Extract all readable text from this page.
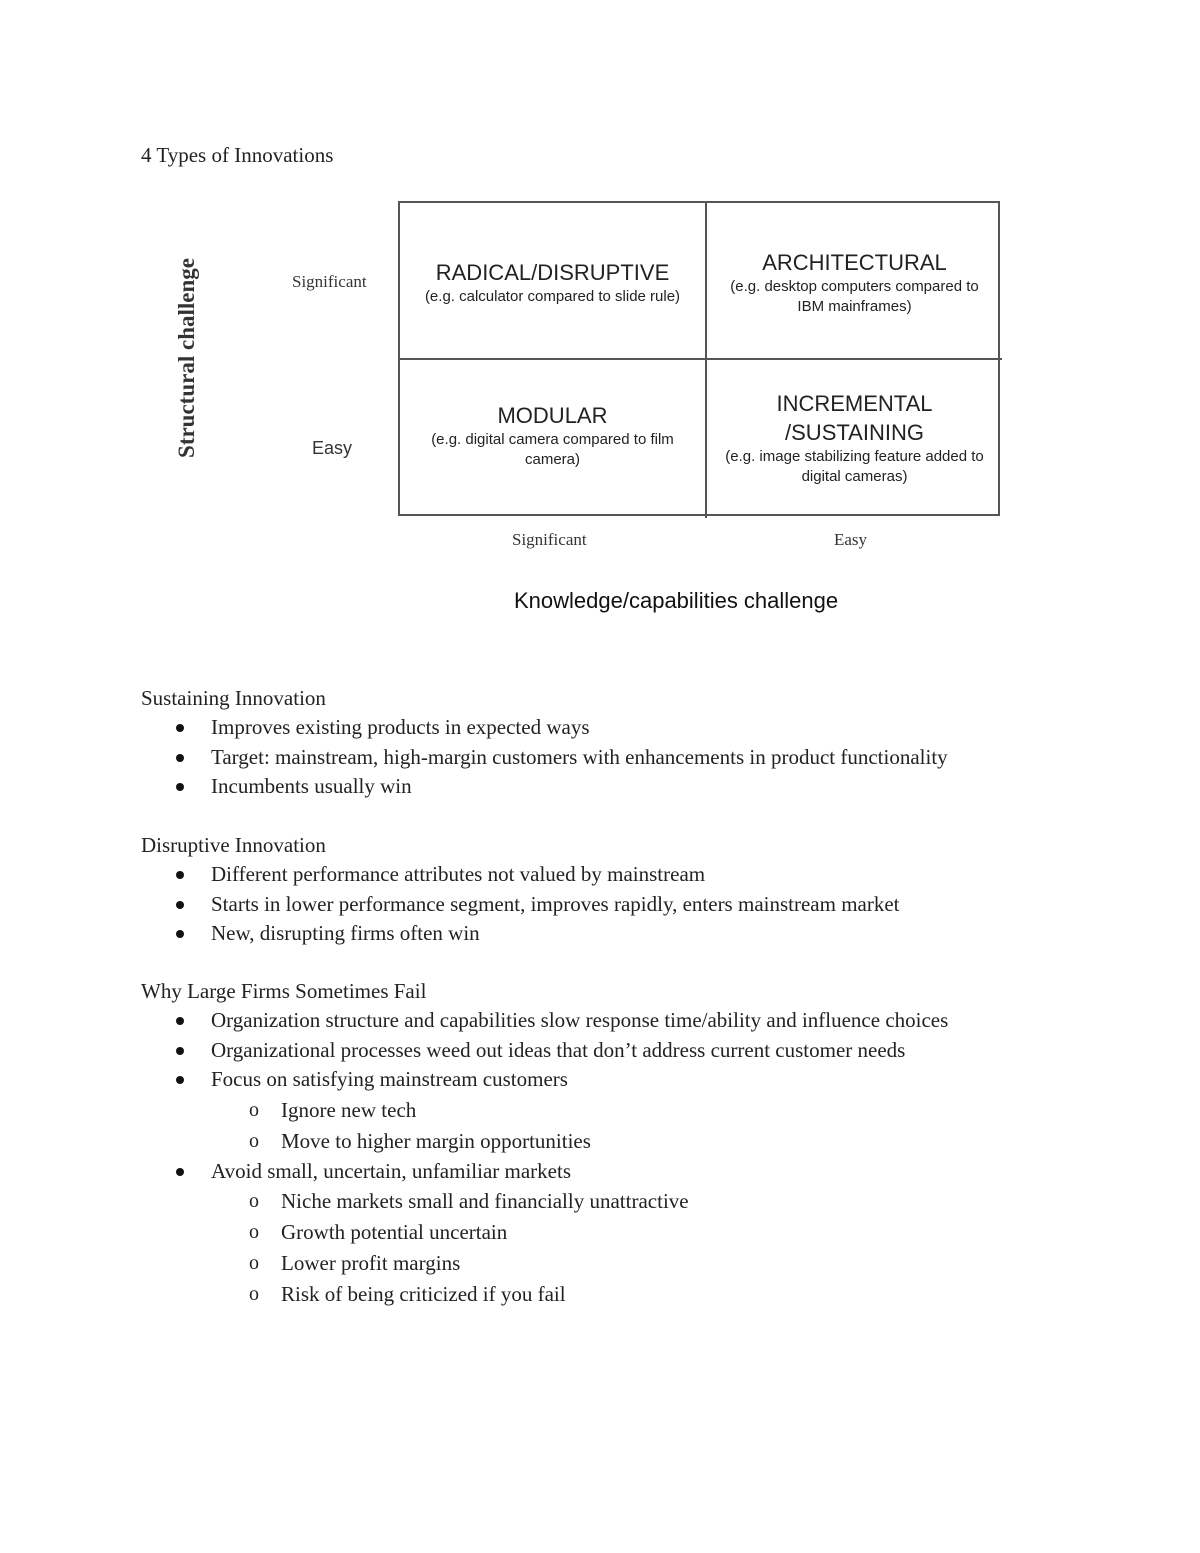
4 Types of Innovations
Structural challenge	Significant
Easy
RADICAL/DISRUPTIVE
(e.g. calculator compared to slide rule)
ARCHITECTURAL
(e.g. desktop computers compared to IBM mainframes)
MODULAR
(e.g. digital camera compared to film camera)
INCREMENTAL /SUSTAINING
(e.g. image stabilizing feature added to digital cameras)
Significant	Easy
Knowledge/capabilities challenge
Sustaining Innovation
Improves existing products in expected ways
Target: mainstream, high-margin customers with enhancements in product functionality
Incumbents usually win
Disruptive Innovation
Different performance attributes not valued by mainstream
Starts in lower performance segment, improves rapidly, enters mainstream market
New, disrupting firms often win
Why Large Firms Sometimes Fail
Organization structure and capabilities slow response time/ability and influence choices
Organizational processes weed out ideas that don’t address current customer needs
Focus on satisfying mainstream customers
o Ignore new tech
o Move to higher margin opportunities
Avoid small, uncertain, unfamiliar markets
o Niche markets small and financially unattractive
o Growth potential uncertain
o Lower profit margins
o Risk of being criticized if you fail
